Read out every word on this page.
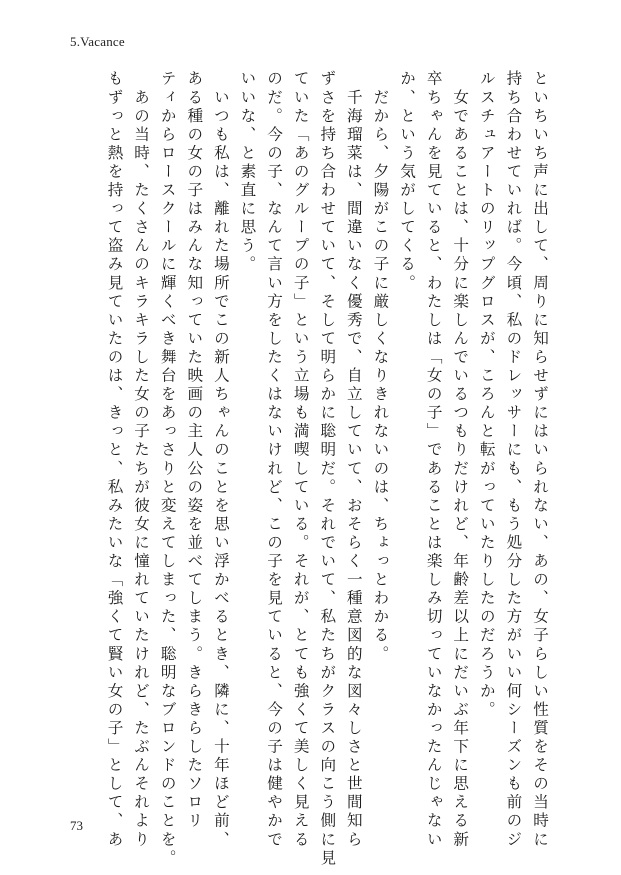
5.Vacance

といちいち声に出して、周りに知らせずにはいられない、あの、女子らしい性質をその当時に

持ち合わせていれば。今頃、私のドレッサーにも、もう処分した方がいい何シーズンも前のジ

ルスチュアートのリップグロスが、ころんと転がっていたりしたのだろうか。

　女であることは、十分に楽しんでいるつもりだけれど、年齢差以上にだいぶ年下に思える新

卒ちゃんを見ていると、わたしは「女の子」であることは楽しみ切っていなかったんじゃない

か、という気がしてくる。

　だから、夕陽がこの子に厳しくなりきれないのは、ちょっとわかる。

　千海瑠菜は、間違いなく優秀で、自立していて、おそらく一種意図的な図々しさと世間知ら

ずさを持ち合わせていて、そして明らかに聡明だ。それでいて、私たちがクラスの向こう側に見

ていた「あのグループの子」という立場も満喫している。それが、とても強くて美しく見える

のだ。今の子、なんて言い方をしたくはないけれど、この子を見ていると、今の子は健やかで

いいな、と素直に思う。

　いつも私は、離れた場所でこの新人ちゃんのことを思い浮かべるとき、隣に、十年ほど前、

ある種の女の子はみんな知っていた映画の主人公の姿を並べてしまう。きらきらしたソロリ

ティからロースクールに輝くべき舞台をあっさりと変えてしまった、聡明なブロンドのことを。

　あの当時、たくさんのキラキラした女の子たちが彼女に憧れていたけれど、たぶんそれより

もずっと熱を持って盗み見ていたのは、きっと、私みたいな「強くて賢い女の子」として、あ

73
